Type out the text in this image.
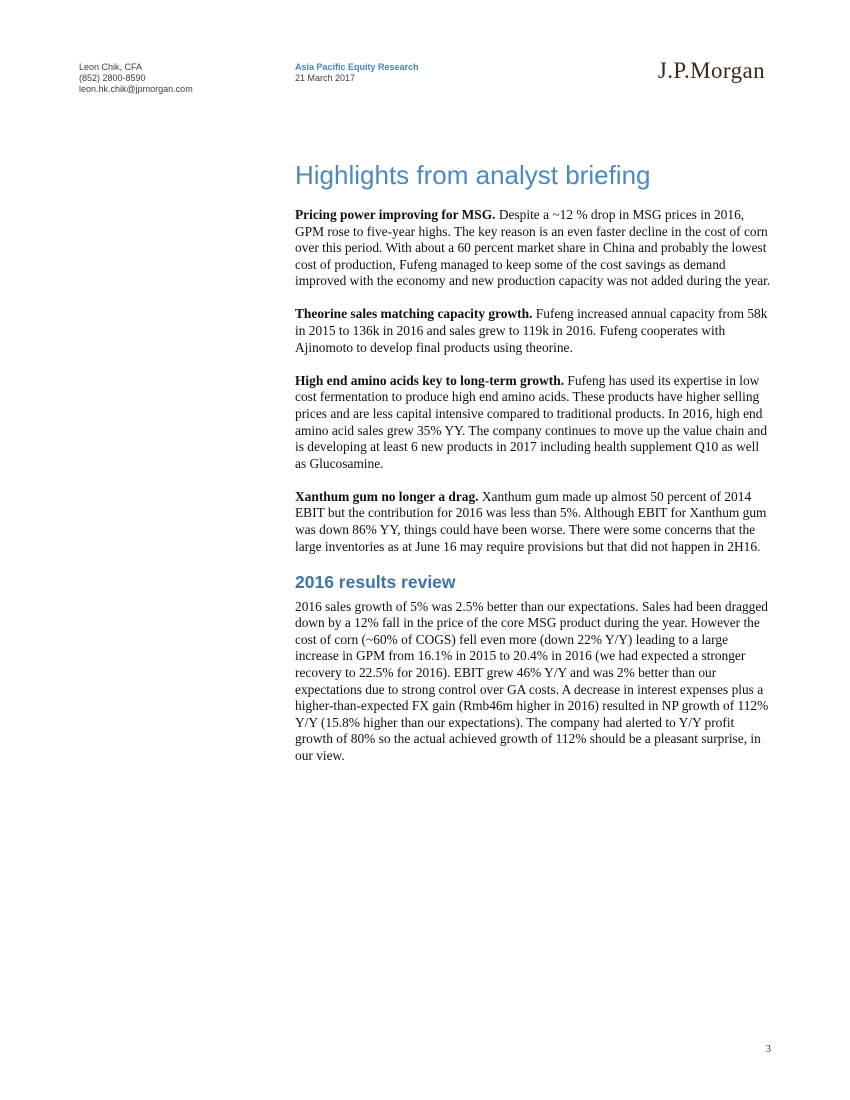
Leon Chik, CFA
(852) 2800-8590
leon.hk.chik@jpmorgan.com
Asia Pacific Equity Research
21 March 2017	J.P.Morgan
Highlights from analyst briefing

Pricing power improving for MSG. Despite a ~12 % drop in MSG prices in 2016, GPM rose to five-year highs. The key reason is an even faster decline in the cost of corn over this period. With about a 60 percent market share in China and probably the lowest cost of production, Fufeng managed to keep some of the cost savings as demand improved with the economy and new production capacity was not added during the year.

Theorine sales matching capacity growth. Fufeng increased annual capacity from 58k in 2015 to 136k in 2016 and sales grew to 119k in 2016. Fufeng cooperates with Ajinomoto to develop final products using theorine.

High end amino acids key to long-term growth. Fufeng has used its expertise in low cost fermentation to produce high end amino acids. These products have higher selling prices and are less capital intensive compared to traditional products. In 2016, high end amino acid sales grew 35% YY. The company continues to move up the value chain and is developing at least 6 new products in 2017 including health supplement Q10 as well as Glucosamine.

Xanthum gum no longer a drag. Xanthum gum made up almost 50 percent of 2014 EBIT but the contribution for 2016 was less than 5%. Although EBIT for Xanthum gum was down 86% YY, things could have been worse. There were some concerns that the large inventories as at June 16 may require provisions but that did not happen in 2H16.

2016 results review

2016 sales growth of 5% was 2.5% better than our expectations. Sales had been dragged down by a 12% fall in the price of the core MSG product during the year. However the cost of corn (~60% of COGS) fell even more (down 22% Y/Y) leading to a large increase in GPM from 16.1% in 2015 to 20.4% in 2016 (we had expected a stronger recovery to 22.5% for 2016). EBIT grew 46% Y/Y and was 2% better than our expectations due to strong control over GA costs. A decrease in interest expenses plus a higher-than-expected FX gain (Rmb46m higher in 2016) resulted in NP growth of 112% Y/Y (15.8% higher than our expectations). The company had alerted to Y/Y profit growth of 80% so the actual achieved growth of 112% should be a pleasant surprise, in our view.

3
